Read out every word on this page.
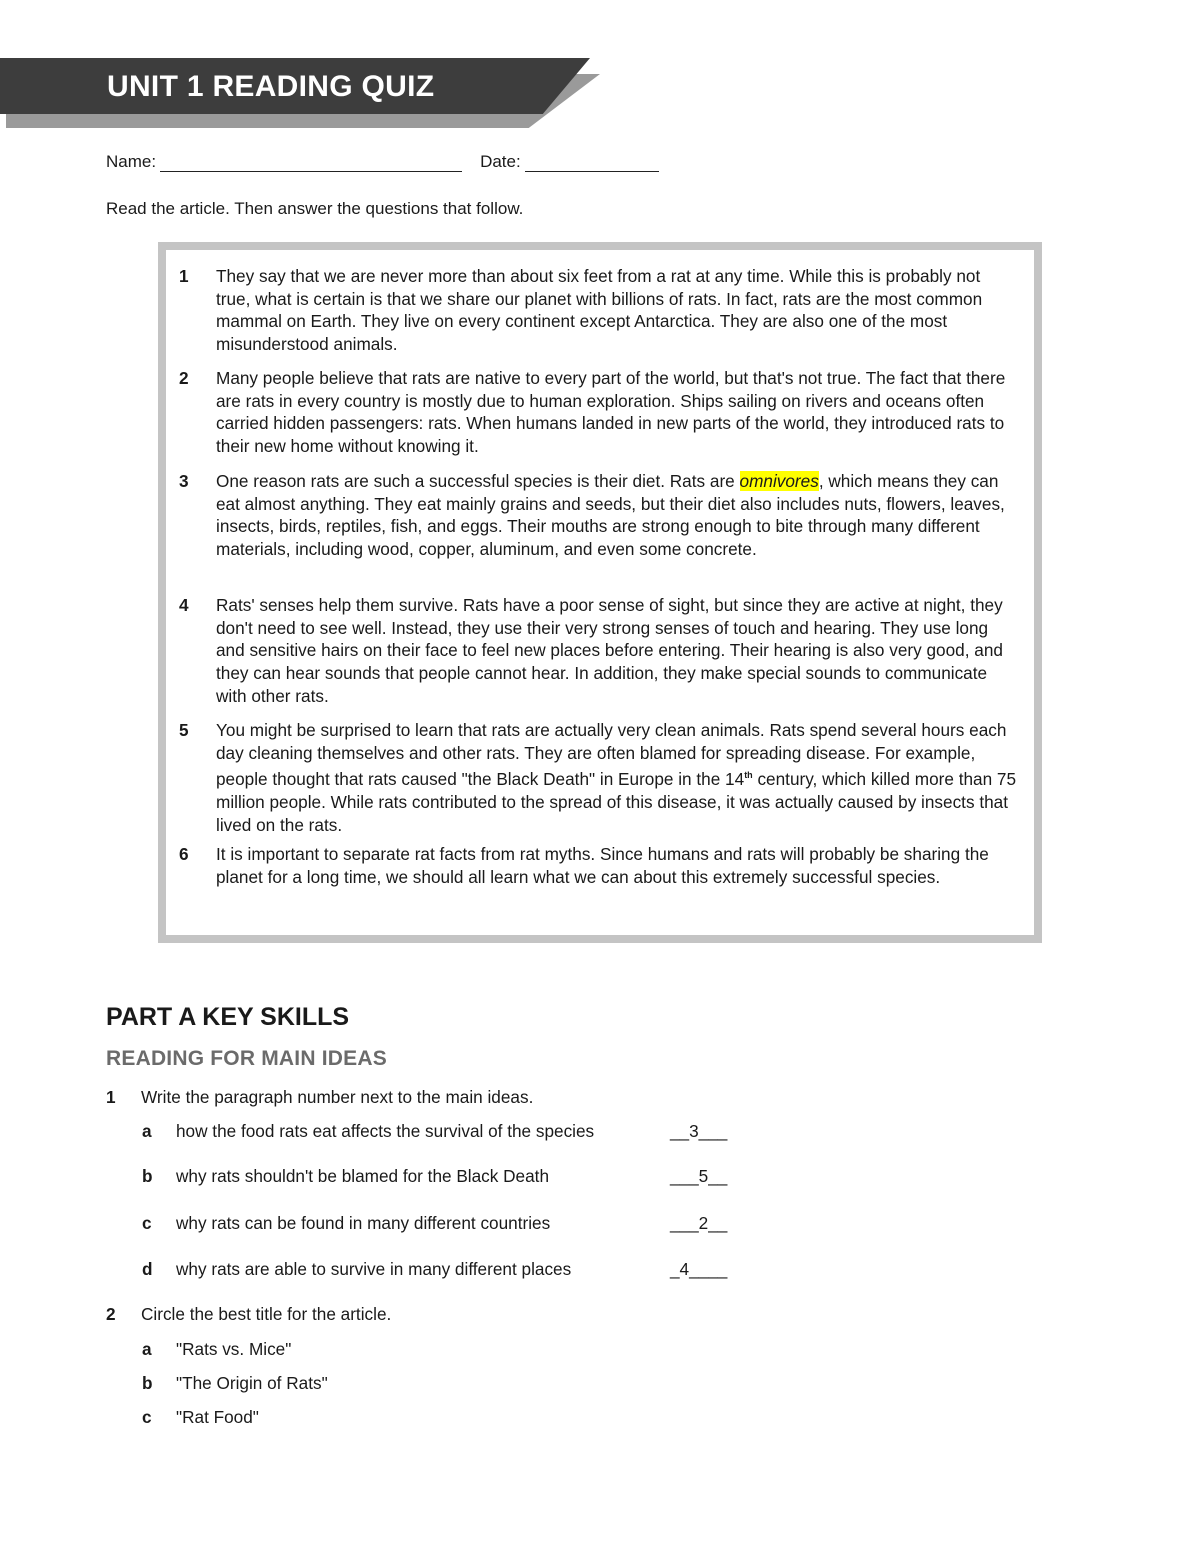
UNIT 1 READING QUIZ
Name:	Date:
Read the article. Then answer the questions that follow.
1 They say that we are never more than about six feet from a rat at any time. While this is probably not true, what is certain is that we share our planet with billions of rats. In fact, rats are the most common mammal on Earth. They live on every continent except Antarctica. They are also one of the most misunderstood animals.
2 Many people believe that rats are native to every part of the world, but that's not true. The fact that there are rats in every country is mostly due to human exploration. Ships sailing on rivers and oceans often carried hidden passengers: rats. When humans landed in new parts of the world, they introduced rats to their new home without knowing it.
3 One reason rats are such a successful species is their diet. Rats are omnivores, which means they can eat almost anything. They eat mainly grains and seeds, but their diet also includes nuts, flowers, leaves, insects, birds, reptiles, fish, and eggs. Their mouths are strong enough to bite through many different materials, including wood, copper, aluminum, and even some concrete.
4 Rats' senses help them survive. Rats have a poor sense of sight, but since they are active at night, they don't need to see well. Instead, they use their very strong senses of touch and hearing. They use long and sensitive hairs on their face to feel new places before entering. Their hearing is also very good, and they can hear sounds that people cannot hear. In addition, they make special sounds to communicate with other rats.
5 You might be surprised to learn that rats are actually very clean animals. Rats spend several hours each day cleaning themselves and other rats. They are often blamed for spreading disease. For example, people thought that rats caused "the Black Death" in Europe in the 14th century, which killed more than 75 million people. While rats contributed to the spread of this disease, it was actually caused by insects that lived on the rats.
6 It is important to separate rat facts from rat myths. Since humans and rats will probably be sharing the planet for a long time, we should all learn what we can about this extremely successful species.
PART A KEY SKILLS
READING FOR MAIN IDEAS
1 Write the paragraph number next to the main ideas.
a how the food rats eat affects the survival of the species	__3___
b why rats shouldn't be blamed for the Black Death	___5__
c why rats can be found in many different countries	___2__
d why rats are able to survive in many different places	_4____
2 Circle the best title for the article.
a "Rats vs. Mice"
b "The Origin of Rats"
c "Rat Food"
